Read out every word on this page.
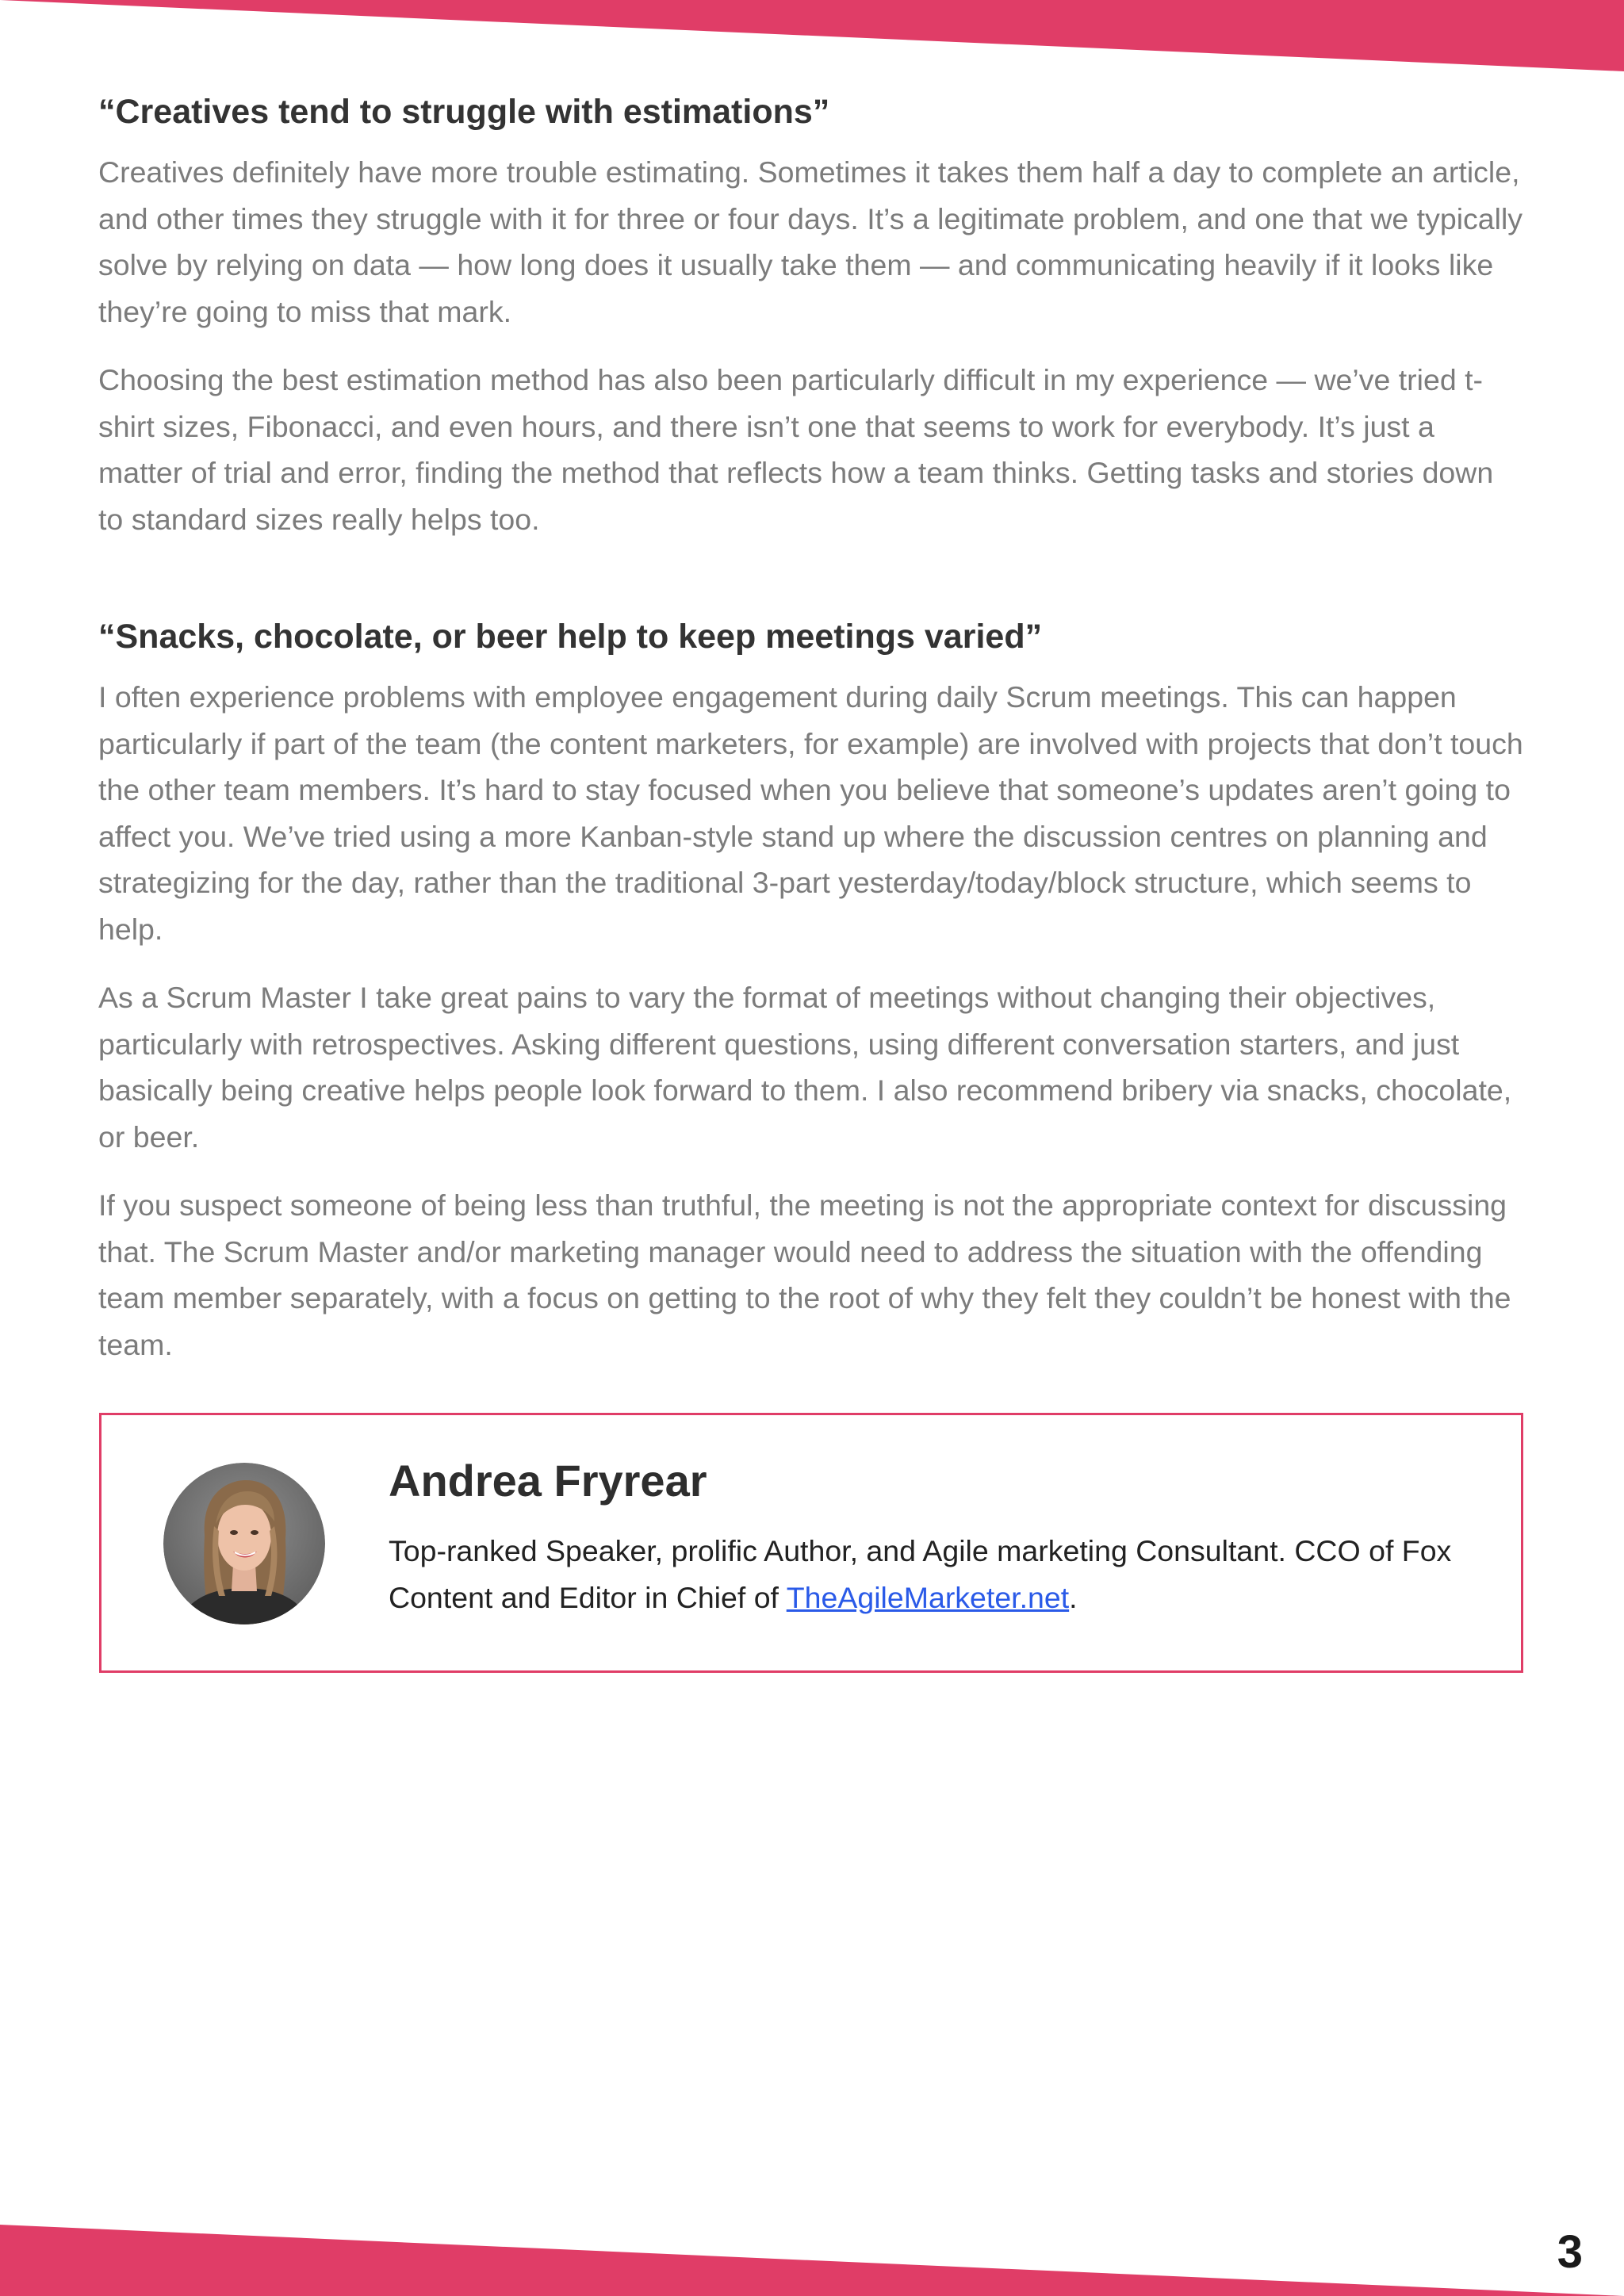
“Creatives tend to struggle with estimations”

Creatives definitely have more trouble estimating. Sometimes it takes them half a day to complete an article, and other times they struggle with it for three or four days. It’s a legitimate problem, and one that we typically solve by relying on data — how long does it usually take them — and communicating heavily if it looks like they’re going to miss that mark.

Choosing the best estimation method has also been particularly difficult in my experience — we’ve tried t-shirt sizes, Fibonacci, and even hours, and there isn’t one that seems to work for everybody. It’s just a matter of trial and error, finding the method that reflects how a team thinks. Getting tasks and stories down to standard sizes really helps too.

“Snacks, chocolate, or beer help to keep meetings varied”

I often experience problems with employee engagement during daily Scrum meetings. This can happen particularly if part of the team (the content marketers, for example) are involved with projects that don’t touch the other team members. It’s hard to stay focused when you believe that someone’s updates aren’t going to affect you. We’ve tried using a more Kanban-style stand up where the discussion centres on planning and strategizing for the day, rather than the traditional 3-part yesterday/today/block structure, which seems to help.

As a Scrum Master I take great pains to vary the format of meetings without changing their objectives, particularly with retrospectives. Asking different questions, using different conversation starters, and just basically being creative helps people look forward to them. I also recommend bribery via snacks, chocolate, or beer.

If you suspect someone of being less than truthful, the meeting is not the appropriate context for discussing that. The Scrum Master and/or marketing manager would need to address the situation with the offending team member separately, with a focus on getting to the root of why they felt they couldn’t be honest with the team.

Andrea Fryrear

Top-ranked Speaker, prolific Author, and Agile marketing Consultant. CCO of Fox Content and Editor in Chief of TheAgileMarketer.net.

3
